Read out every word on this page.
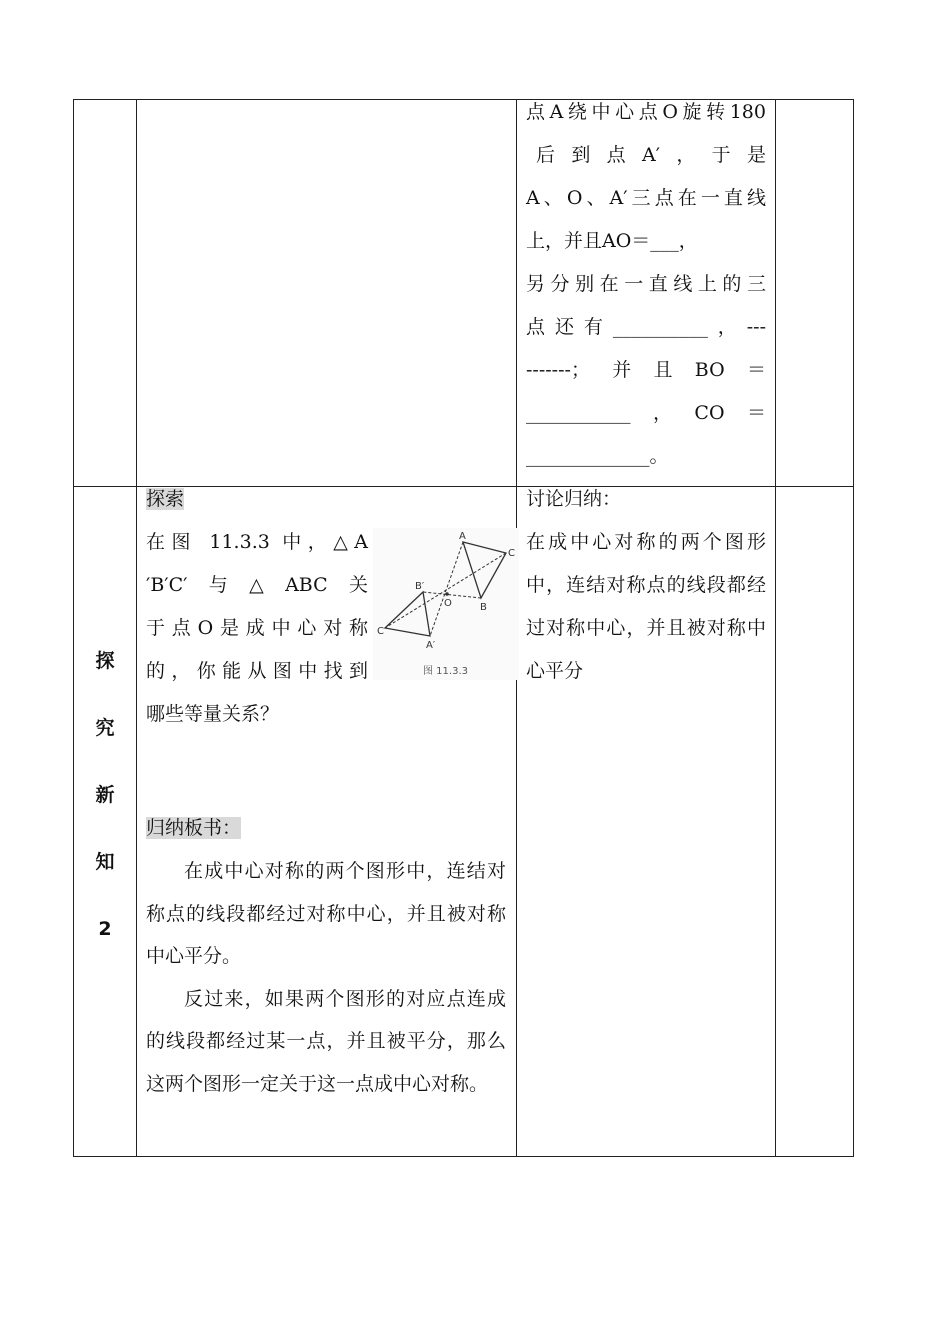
点A绕中心点O旋转180

后到点A′，于是

A、O、A′三点在一直线

上，并且AO＝___，

另分别在一直线上的三

点还有__________，---

-------；并且BO＝

___________，CO＝

_____________。

探
究
新
知
2
探索

在图 11.3.3 中，△A

′B′C′与△ABC关

于点O是成中心对称

的，你能从图中找到

哪些等量关系？

A
C
B′
O	B
C
A′
图 11.3.3
归纳板书：

在成中心对称的两个图形中，连结对称点的线段都经过对称中心，并且被对称中心平分。

反过来，如果两个图形的对应点连成的线段都经过某一点，并且被平分，那么这两个图形一定关于这一点成中心对称。

讨论归纳：

在成中心对称的两个图形中，连结对称点的线段都经过对称中心，并且被对称中心平分
